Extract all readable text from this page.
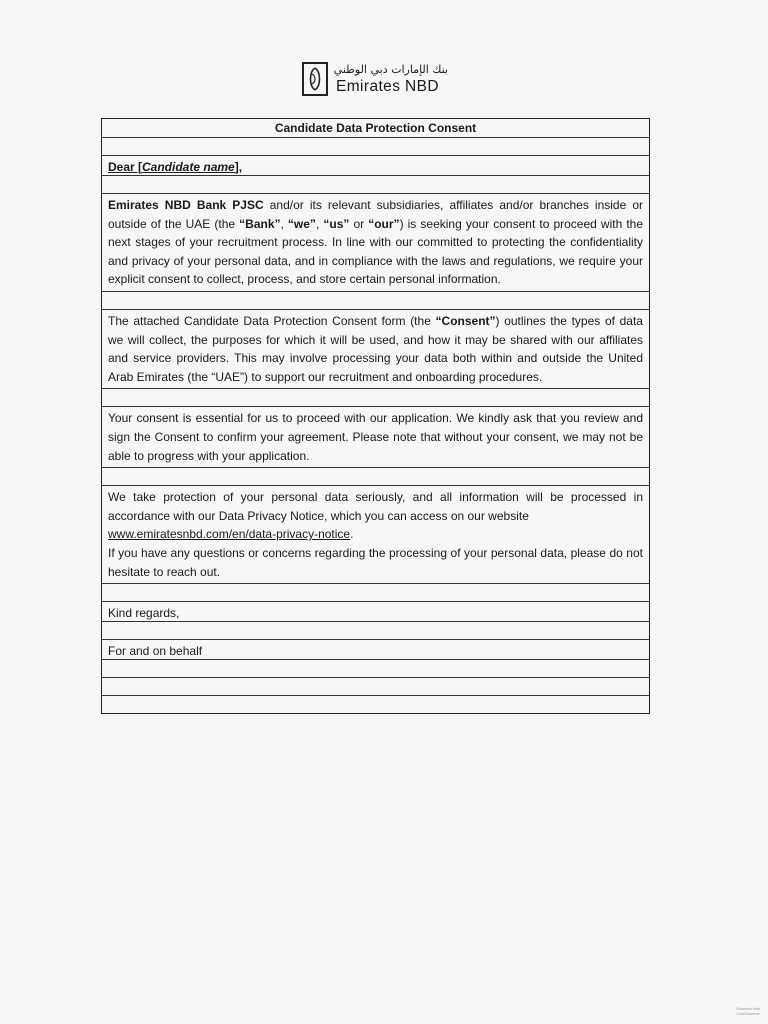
بنك الإمارات دبي الوطني
Emirates NBD
Candidate Data Protection Consent
Dear [Candidate name],
Emirates NBD Bank PJSC and/or its relevant subsidiaries, affiliates and/or branches inside or outside of the UAE (the “Bank”, “we”, “us” or “our”) is seeking your consent to proceed with the next stages of your recruitment process. In line with our committed to protecting the confidentiality and privacy of your personal data, and in compliance with the laws and regulations, we require your explicit consent to collect, process, and store certain personal information.
The attached Candidate Data Protection Consent form (the “Consent”) outlines the types of data we will collect, the purposes for which it will be used, and how it may be shared with our affiliates and service providers. This may involve processing your data both within and outside the United Arab Emirates (the “UAE”) to support our recruitment and onboarding procedures.
Your consent is essential for us to proceed with our application. We kindly ask that you review and sign the Consent to confirm your agreement. Please note that without your consent, we may not be able to progress with your application.
We take protection of your personal data seriously, and all information will be processed in accordance with our Data Privacy Notice, which you can access on our website
www.emiratesnbd.com/en/data-privacy-notice.
If you have any questions or concerns regarding the processing of your personal data, please do not hesitate to reach out.
Kind regards,
For and on behalf
Scanned with
CamScanner
